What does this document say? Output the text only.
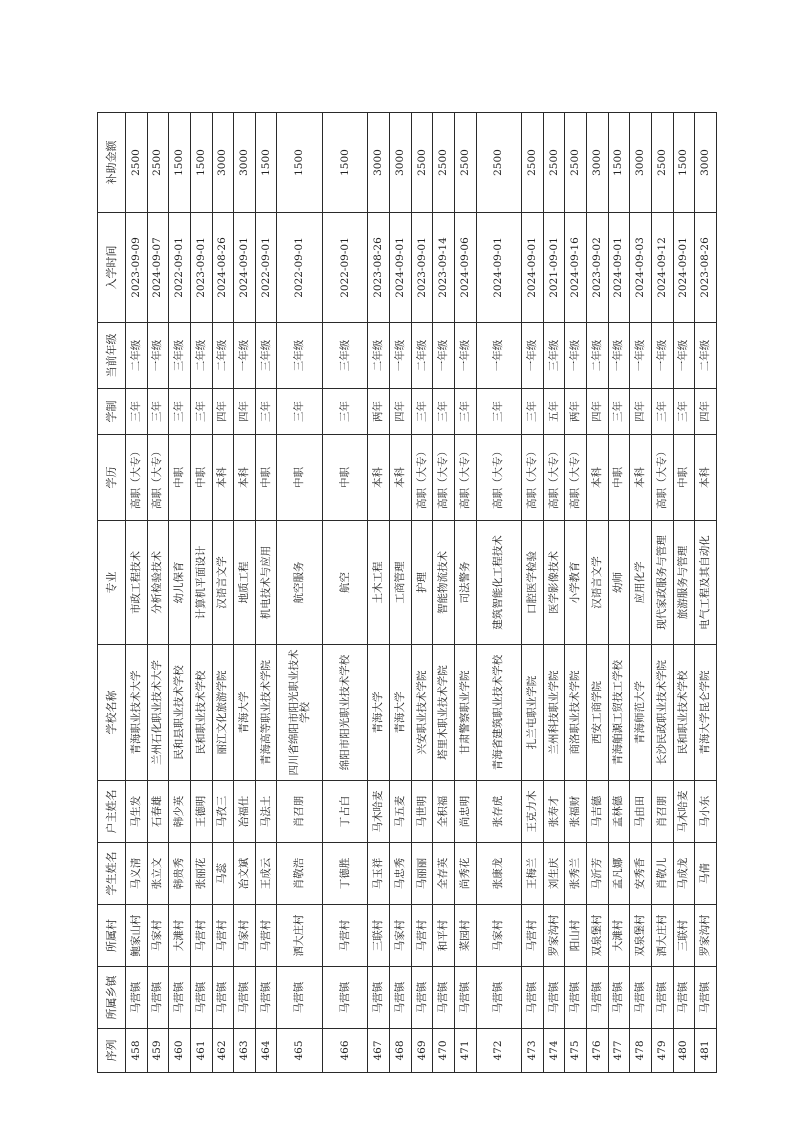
序列	所属乡镇	所属村	学生姓名	户主姓名	学校名称	专业	学历	学制	当前年级	入学时间	补助金额
458	马营镇	鲍家山村	马义清	马生发	青海职业技术大学	市政工程技术	高职（大专）	三年	二年级	2023-09-09	2500
459	马营镇	马家村	张立文	石春雄	兰州石化职业技术大学	分析检验技术	高职（大专）	三年	一年级	2024-09-07	2500
460	马营镇	大滩村	韩贵秀	韩少英	民和县职业技术学校	幼儿保育	中职	三年	三年级	2022-09-01	1500
461	马营镇	马营村	张丽花	王德明	民和职业技术学校	计算机平面设计	中职	三年	二年级	2023-09-01	1500
462	马营镇	马营村	马蕊	马孜三	丽江文化旅游学院	汉语言文学	本科	四年	二年级	2024-08-26	3000
463	马营镇	马家村	冶文斌	冶福仕	青海大学	地质工程	本科	四年	一年级	2024-09-01	3000
464	马营镇	马营村	王成云	马法土	青海高等职业技术学院	机电技术与应用	中职	三年	三年级	2022-09-01	1500
465	马营镇	洒大庄村	肖敬浩	肖召朋	四川省绵阳市阳光职业技术学校	航空服务	中职	三年	三年级	2022-09-01	1500
466	马营镇	马营村	丁德胜	丁占白	绵阳市阳光职业技术学校	航空	中职	三年	三年级	2022-09-01	1500
467	马营镇	三联村	马玉祥	马木哈麦	青海大学	土木工程	本科	两年	二年级	2023-08-26	3000
468	马营镇	马家村	马忠秀	马五麦	青海大学	工商管理	本科	四年	一年级	2024-09-01	3000
469	马营镇	马营村	马丽丽	马世明	兴安职业技术学院	护理	高职（大专）	三年	二年级	2023-09-01	2500
470	马营镇	和平村	全存英	全积福	塔里木职业技术学院	智能物流技术	高职（大专）	三年	一年级	2023-09-14	2500
471	马营镇	菜园村	尚秀花	尚忠明	甘肃警察职业学院	司法警务	高职（大专）	三年	一年级	2024-09-06	2500
472	马营镇	马家村	张康龙	张存虎	青海省建筑职业技术学校	建筑智能化工程技术	高职（大专）	三年	一年级	2024-09-01	2500
473	马营镇	马营村	王梅兰	王克力木	扎兰屯职业学院	口腔医学检验	高职（大专）	三年	一年级	2024-09-01	2500
474	马营镇	罗家沟村	刘生庆	张寿才	兰州科技职业学院	医学影像技术	高职（大专）	五年	三年级	2021-09-01	2500
475	马营镇	阳山村	张秀兰	张福财	商洛职业技术学院	小学教育	高职（大专）	两年	一年级	2024-09-16	2500
476	马营镇	双泉堡村	马沂芳	马吉德	西安工商学院	汉语言文学	本科	四年	二年级	2023-09-02	3000
477	马营镇	大滩村	孟凡娜	孟林德	青海舶源工贸技工学校	幼师	中职	三年	一年级	2024-09-01	1500
478	马营镇	双泉堡村	安秀香	马由田	青海师范大学	应用化学	本科	四年	一年级	2024-09-03	3000
479	马营镇	洒大庄村	肖敬儿	肖召朋	长沙民政职业技术学院	现代家政服务与管理	高职（大专）	三年	一年级	2024-09-12	2500
480	马营镇	三联村	马成龙	马木哈麦	民和职业技术学校	旅游服务与管理	中职	三年	一年级	2024-09-01	1500
481	马营镇	罗家沟村	马倩	马小东	青海大学昆仑学院	电气工程及其自动化	本科	四年	二年级	2023-08-26	3000
